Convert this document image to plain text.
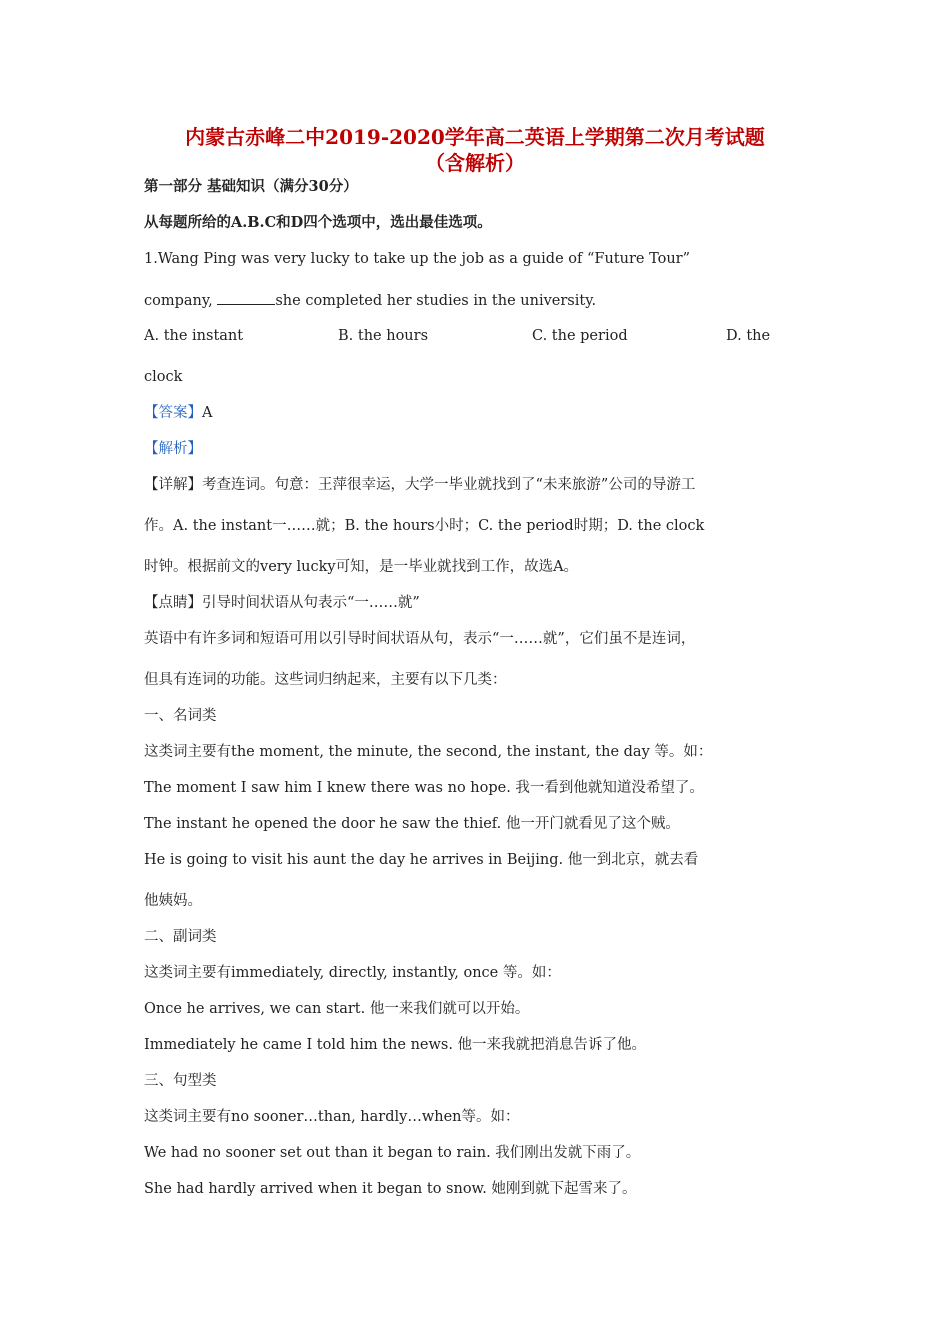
内蒙古赤峰二中2019-2020学年高二英语上学期第二次月考试题
（含解析）
第一部分 基础知识（满分30分）
从每题所给的A.B.C和D四个选项中，选出最佳选项。
1.Wang Ping was very lucky to take up the job as a guide of “Future Tour”
company,	she completed her studies in the university.
A. the instant	B. the hours	C. the period	D. the
clock
【答案】A
【解析】
【详解】考查连词。句意：王萍很幸运，大学一毕业就找到了“未来旅游”公司的导游工
作。A. the instant一……就；B. the hours小时；C. the period时期；D. the clock
时钟。根据前文的very lucky可知，是一毕业就找到工作，故选A。
【点睛】引导时间状语从句表示“一……就”
英语中有许多词和短语可用以引导时间状语从句，表示“一……就”，它们虽不是连词，
但具有连词的功能。这些词归纳起来，主要有以下几类：
一、名词类
这类词主要有the moment, the minute, the second, the instant, the day 等。如：
The moment I saw him I knew there was no hope. 我一看到他就知道没希望了。
The instant he opened the door he saw the thief. 他一开门就看见了这个贼。
He is going to visit his aunt the day he arrives in Beijing. 他一到北京，就去看
他姨妈。
二、副词类
这类词主要有immediately, directly, instantly, once 等。如：
Once he arrives, we can start. 他一来我们就可以开始。
Immediately he came I told him the news. 他一来我就把消息告诉了他。
三、句型类
这类词主要有no sooner…than, hardly…when等。如：
We had no sooner set out than it began to rain. 我们刚出发就下雨了。
She had hardly arrived when it began to snow. 她刚到就下起雪来了。
